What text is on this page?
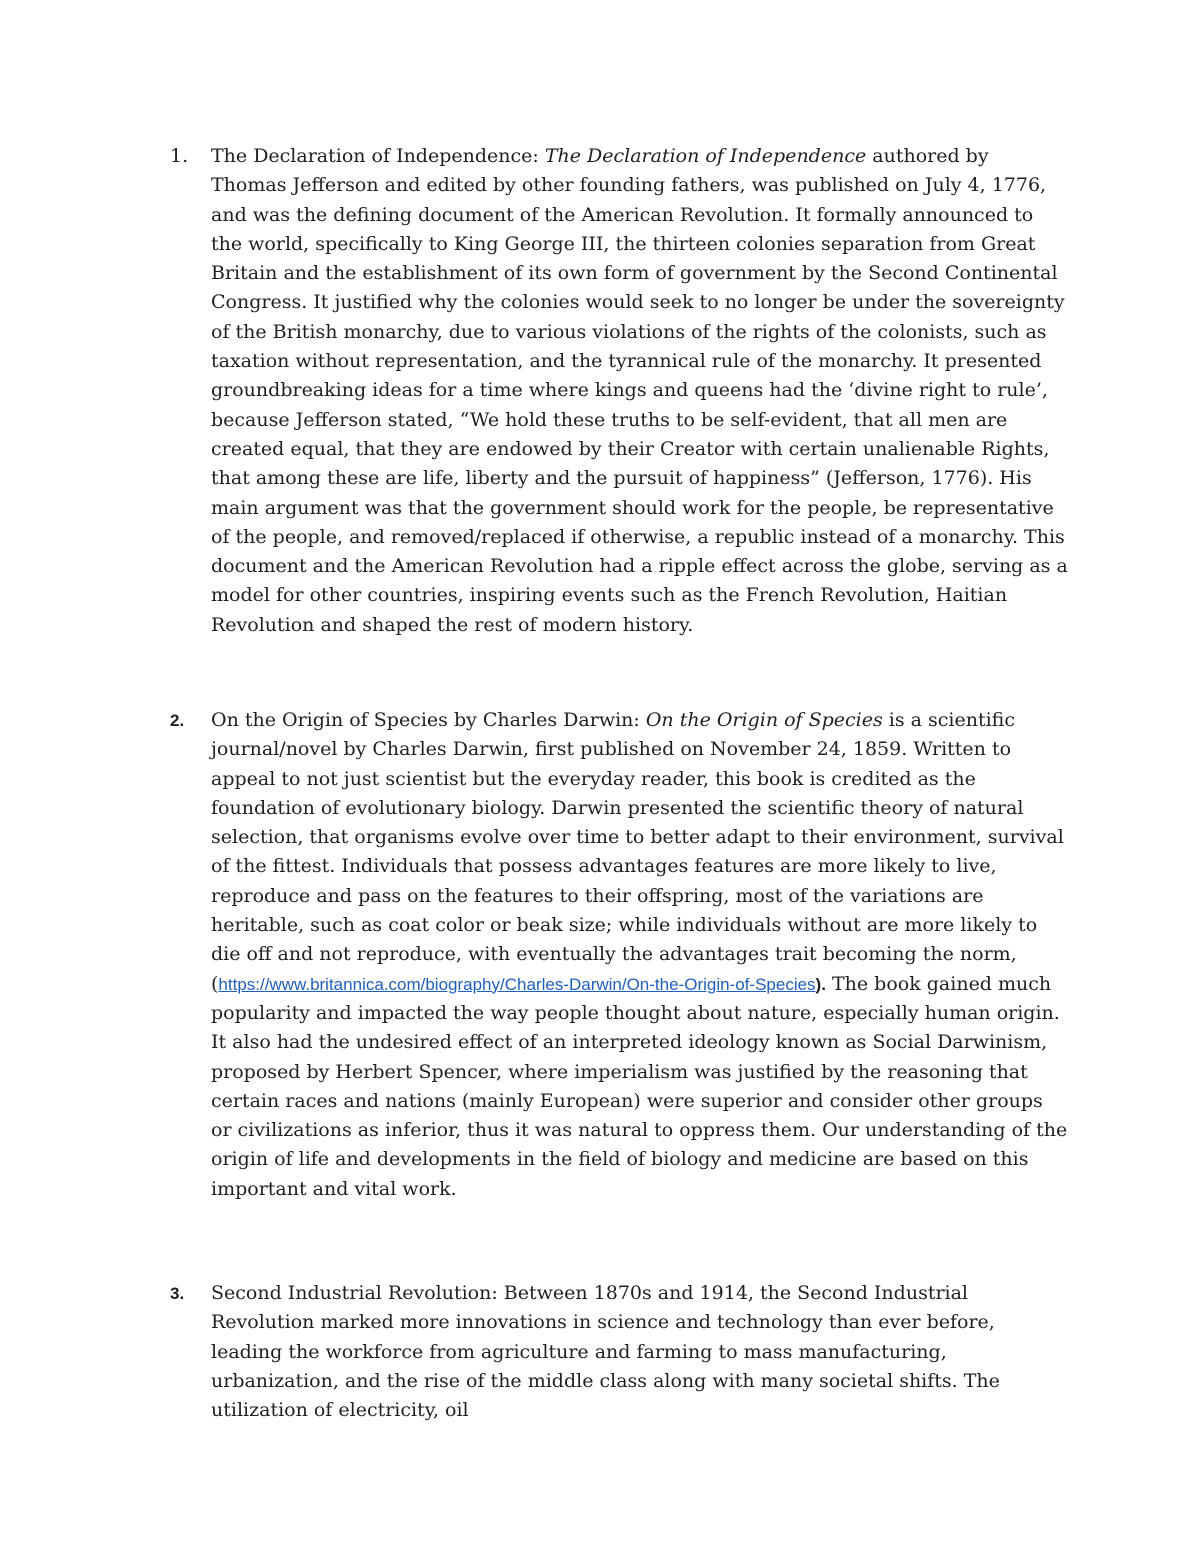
1.	The Declaration of Independence: The Declaration of Independence authored by Thomas Jefferson and edited by other founding fathers, was published on July 4, 1776, and was the defining document of the American Revolution. It formally announced to the world, specifically to King George III, the thirteen colonies separation from Great Britain and the establishment of its own form of government by the Second Continental Congress. It justified why the colonies would seek to no longer be under the sovereignty of the British monarchy, due to various violations of the rights of the colonists, such as taxation without representation, and the tyrannical rule of the monarchy. It presented groundbreaking ideas for a time where kings and queens had the ‘divine right to rule’, because Jefferson stated, “We hold these truths to be self-evident, that all men are created equal, that they are endowed by their Creator with certain unalienable Rights, that among these are life, liberty and the pursuit of happiness” (Jefferson, 1776). His main argument was that the government should work for the people, be representative of the people, and removed/replaced if otherwise, a republic instead of a monarchy. This document and the American Revolution had a ripple effect across the globe, serving as a model for other countries, inspiring events such as the French Revolution, Haitian Revolution and shaped the rest of modern history.
2.	On the Origin of Species by Charles Darwin: On the Origin of Species is a scientific journal/novel by Charles Darwin, first published on November 24, 1859. Written to appeal to not just scientist but the everyday reader, this book is credited as the foundation of evolutionary biology. Darwin presented the scientific theory of natural selection, that organisms evolve over time to better adapt to their environment, survival of the fittest. Individuals that possess advantages features are more likely to live, reproduce and pass on the features to their offspring, most of the variations are heritable, such as coat color or beak size; while individuals without are more likely to die off and not reproduce, with eventually the advantages trait becoming the norm, (https://www.britannica.com/biography/Charles-Darwin/On-the-Origin-of-Species). The book gained much popularity and impacted the way people thought about nature, especially human origin. It also had the undesired effect of an interpreted ideology known as Social Darwinism, proposed by Herbert Spencer, where imperialism was justified by the reasoning that certain races and nations (mainly European) were superior and consider other groups or civilizations as inferior, thus it was natural to oppress them. Our understanding of the origin of life and developments in the field of biology and medicine are based on this important and vital work.
3.	Second Industrial Revolution: Between 1870s and 1914, the Second Industrial Revolution marked more innovations in science and technology than ever before, leading the workforce from agriculture and farming to mass manufacturing, urbanization, and the rise of the middle class along with many societal shifts. The utilization of electricity, oil
